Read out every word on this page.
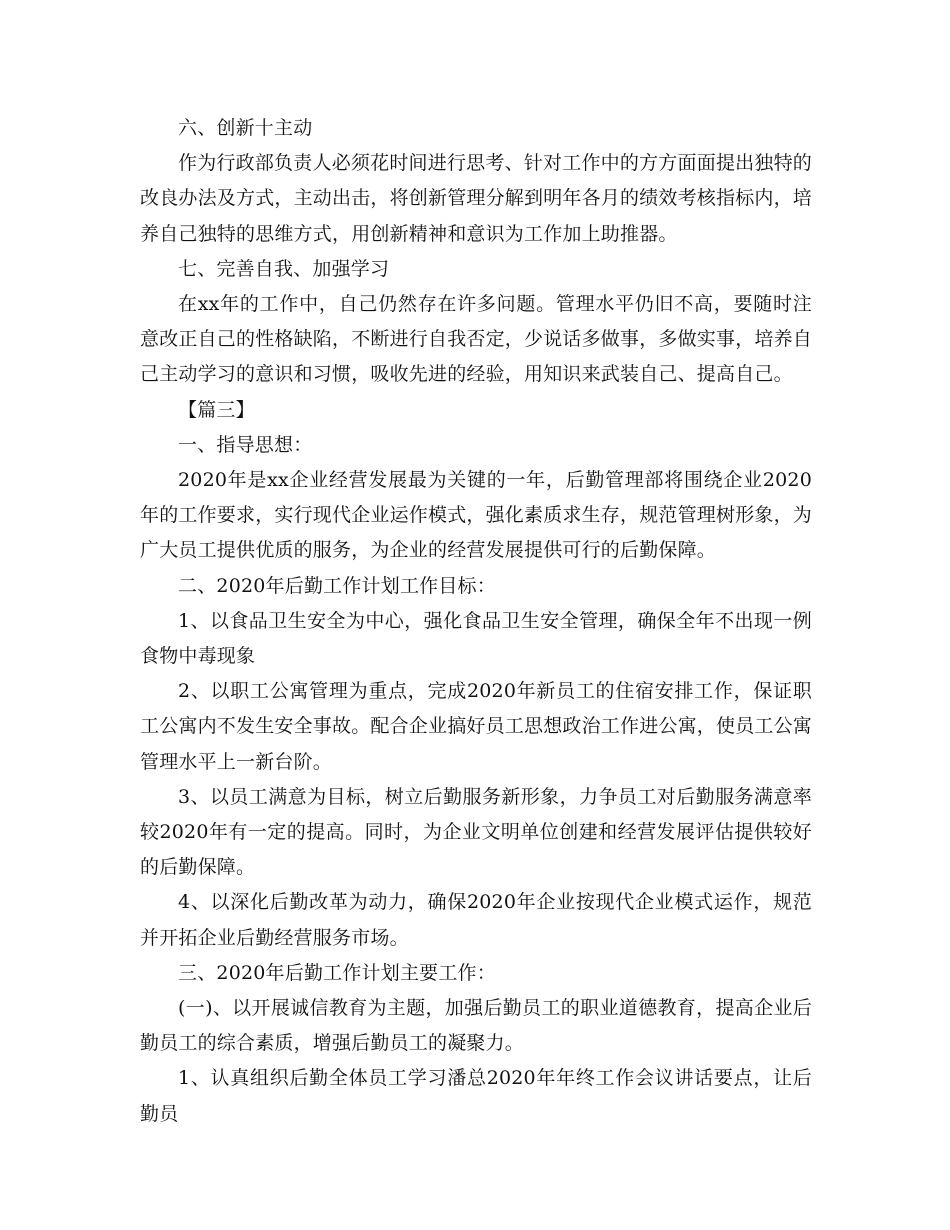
六、创新十主动

作为行政部负责人必须花时间进行思考、针对工作中的方方面面提出独特的改良办法及方式，主动出击，将创新管理分解到明年各月的绩效考核指标内，培养自己独特的思维方式，用创新精神和意识为工作加上助推器。

七、完善自我、加强学习

在xx年的工作中，自己仍然存在许多问题。管理水平仍旧不高，要随时注意改正自己的性格缺陷，不断进行自我否定，少说话多做事，多做实事，培养自己主动学习的意识和习惯，吸收先进的经验，用知识来武装自己、提高自己。

【篇三】

一、指导思想：

2020年是xx企业经营发展最为关键的一年，后勤管理部将围绕企业2020年的工作要求，实行现代企业运作模式，强化素质求生存，规范管理树形象，为广大员工提供优质的服务，为企业的经营发展提供可行的后勤保障。

二、2020年后勤工作计划工作目标：

1、以食品卫生安全为中心，强化食品卫生安全管理，确保全年不出现一例食物中毒现象

2、以职工公寓管理为重点，完成2020年新员工的住宿安排工作，保证职工公寓内不发生安全事故。配合企业搞好员工思想政治工作进公寓，使员工公寓管理水平上一新台阶。

3、以员工满意为目标，树立后勤服务新形象，力争员工对后勤服务满意率较2020年有一定的提高。同时，为企业文明单位创建和经营发展评估提供较好的后勤保障。

4、以深化后勤改革为动力，确保2020年企业按现代企业模式运作，规范并开拓企业后勤经营服务市场。

三、2020年后勤工作计划主要工作：

(一)、以开展诚信教育为主题，加强后勤员工的职业道德教育，提高企业后勤员工的综合素质，增强后勤员工的凝聚力。

1、认真组织后勤全体员工学习潘总2020年年终工作会议讲话要点，让后勤员
